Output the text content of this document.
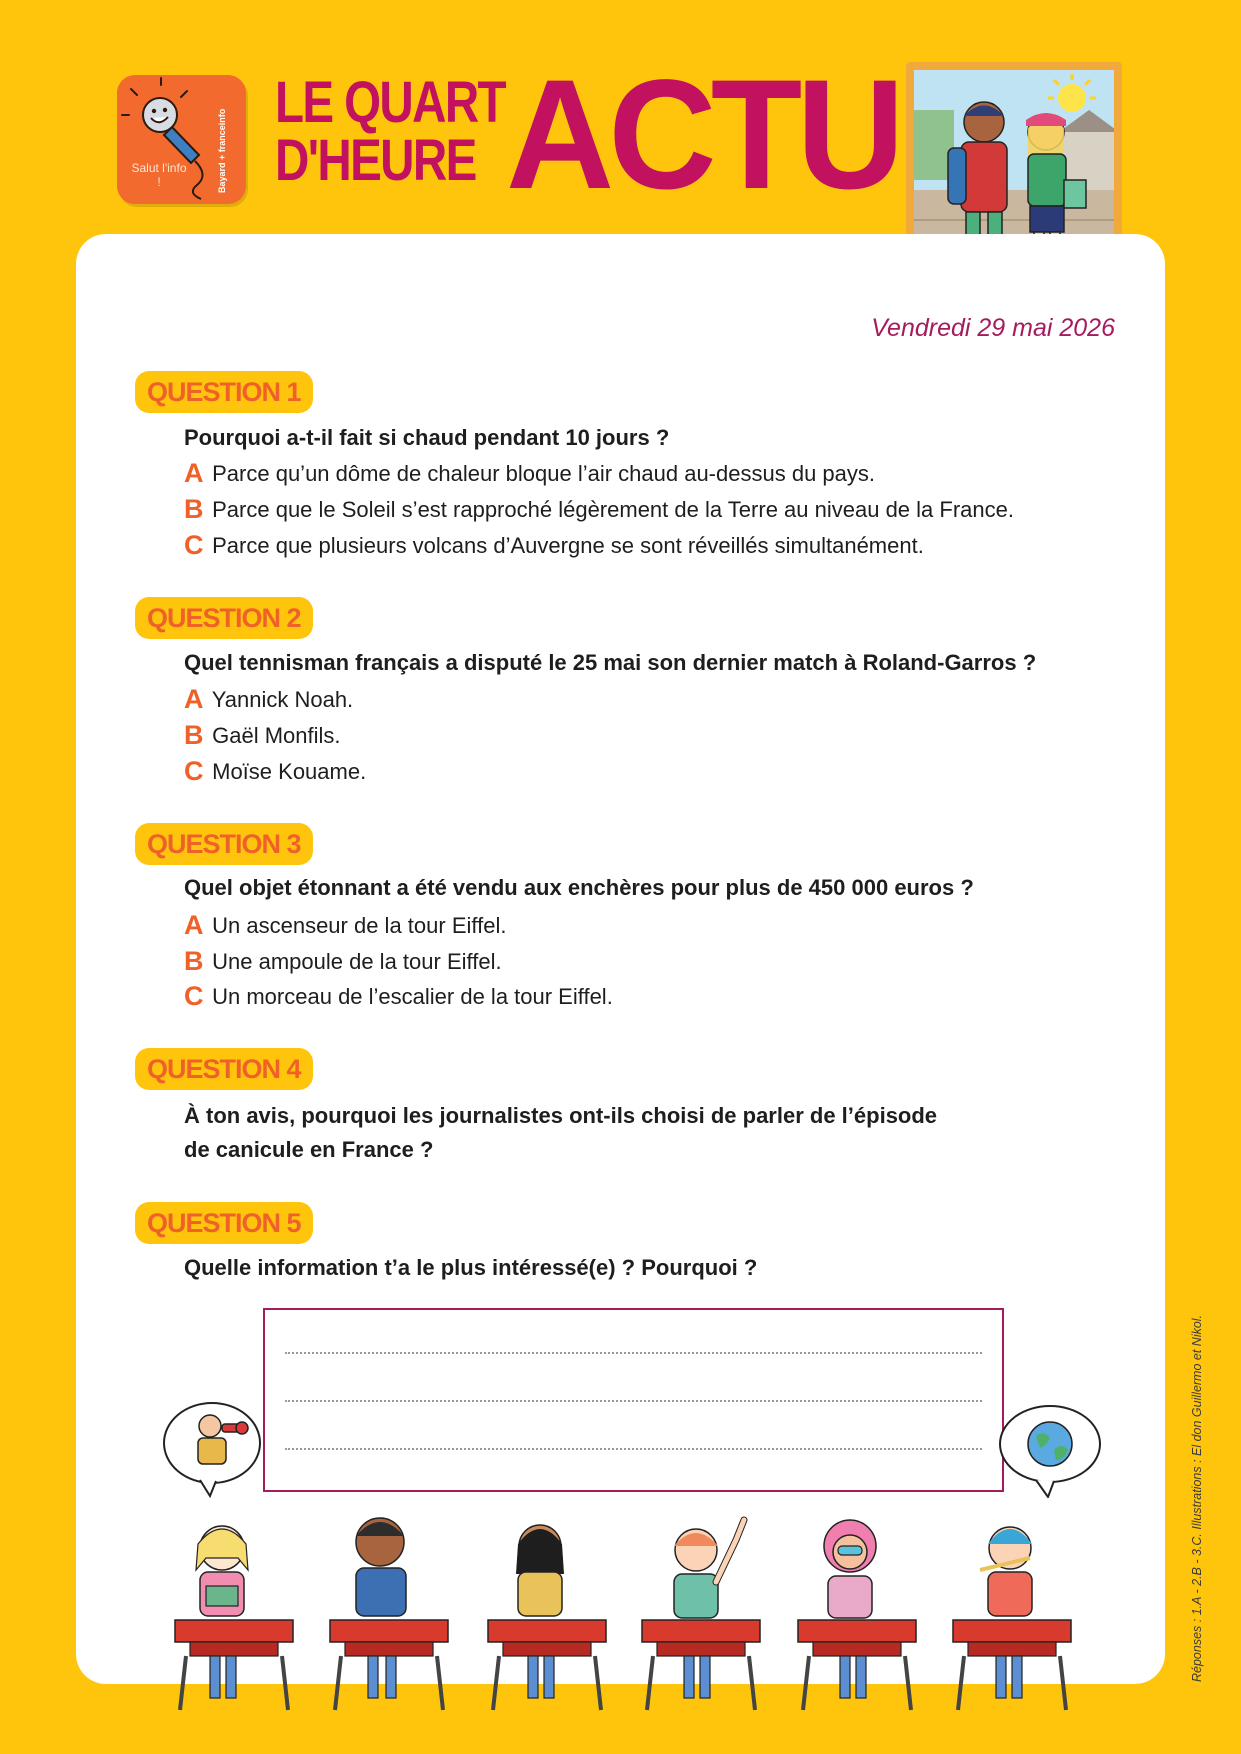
Salut l'info !	Bayard + franceinfo
LE QUART
D'HEURE ACTU
Vendredi 29 mai 2026
QUESTION 1
Pourquoi a-t-il fait si chaud pendant 10 jours ?
A Parce qu’un dôme de chaleur bloque l’air chaud au-dessus du pays.
B Parce que le Soleil s’est rapproché légèrement de la Terre au niveau de la France.
C Parce que plusieurs volcans d’Auvergne se sont réveillés simultanément.
QUESTION 2
Quel tennisman français a disputé le 25 mai son dernier match à Roland-Garros ?
A Yannick Noah.
B Gaël Monfils.
C Moïse Kouame.
QUESTION 3
Quel objet étonnant a été vendu aux enchères pour plus de 450 000 euros ?
A Un ascenseur de la tour Eiffel.
B Une ampoule de la tour Eiffel.
C Un morceau de l’escalier de la tour Eiffel.
QUESTION 4
À ton avis, pourquoi les journalistes ont-ils choisi de parler de l’épisode
de canicule en France ?
QUESTION 5
Quelle information t’a le plus intéressé(e) ? Pourquoi ?
Réponses : 1.A - 2.B - 3.C. Illustrations : El don Guillermo et Nikol.
